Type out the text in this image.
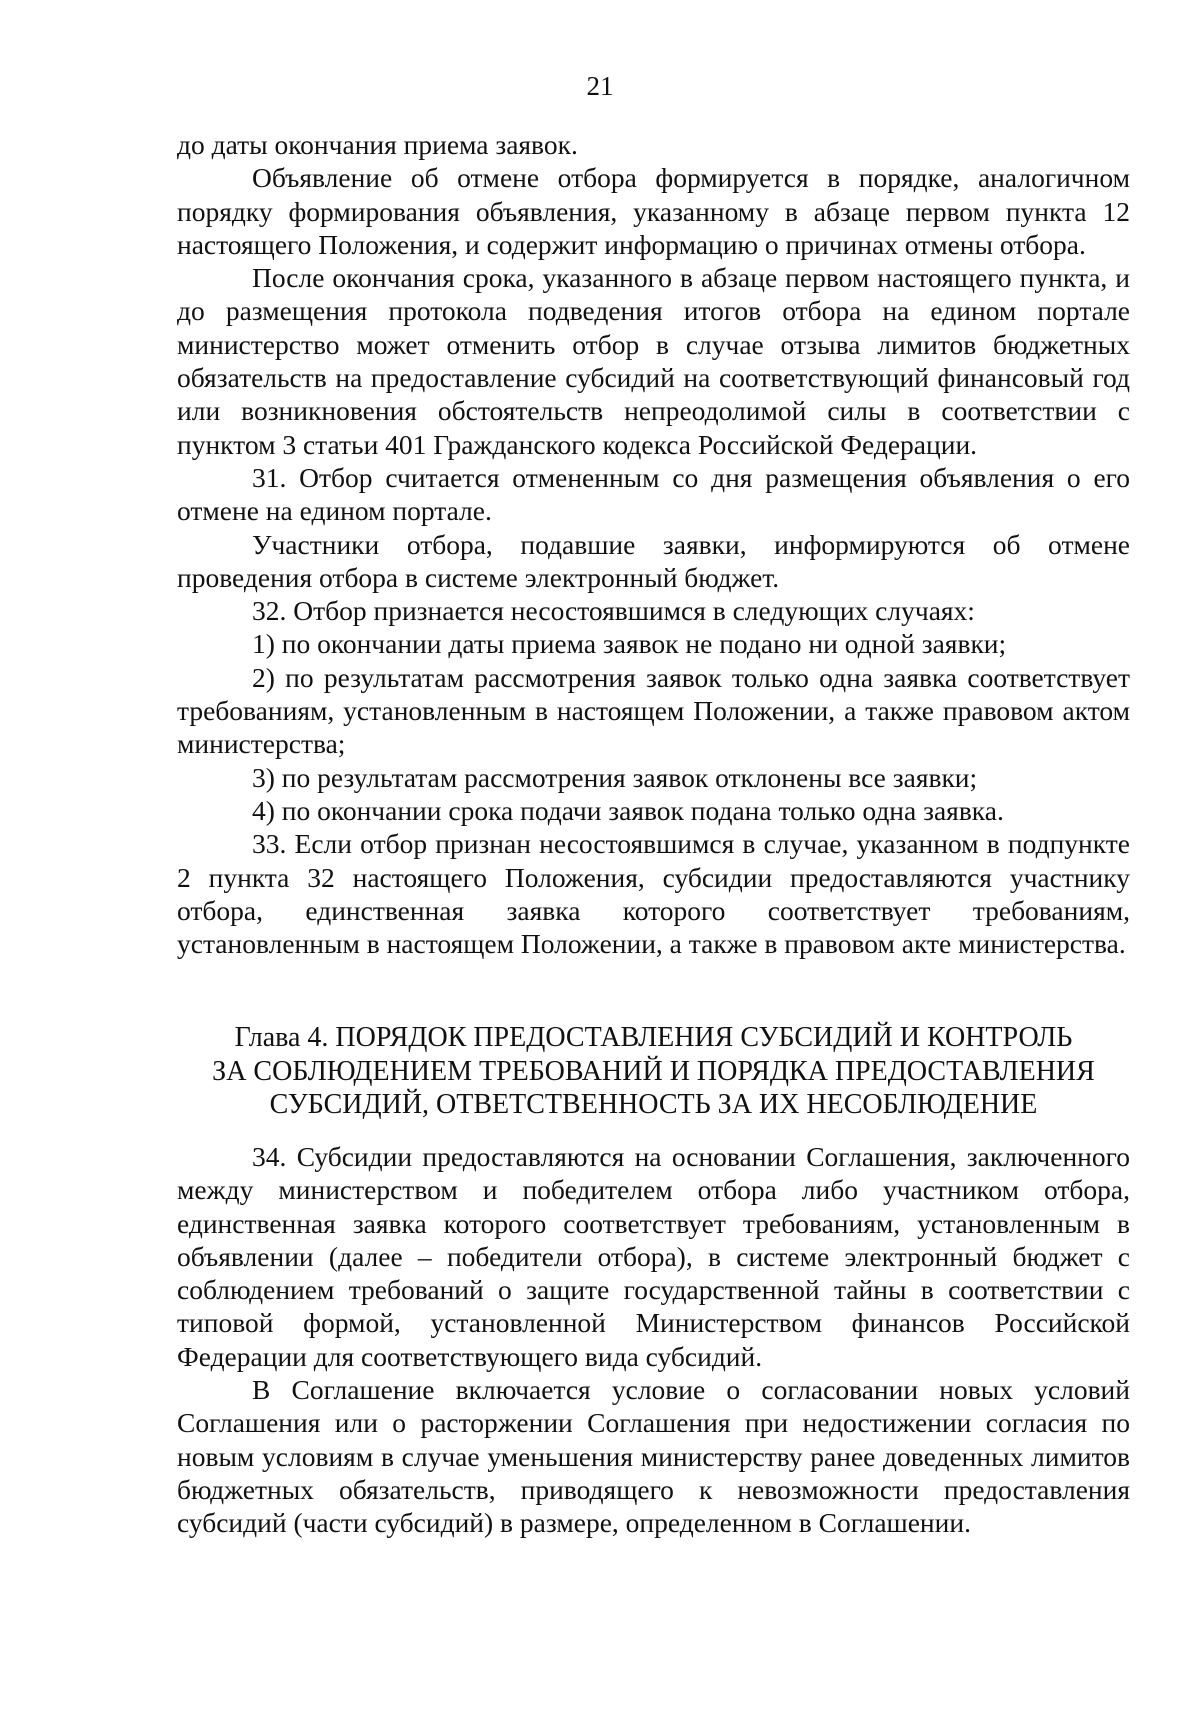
21

до даты окончания приема заявок.

Объявление об отмене отбора формируется в порядке, аналогичном порядку формирования объявления, указанному в абзаце первом пункта 12 настоящего Положения, и содержит информацию о причинах отмены отбора.

После окончания срока, указанного в абзаце первом настоящего пункта, и до размещения протокола подведения итогов отбора на едином портале министерство может отменить отбор в случае отзыва лимитов бюджетных обязательств на предоставление субсидий на соответствующий финансовый год или возникновения обстоятельств непреодолимой силы в соответствии с пунктом 3 статьи 401 Гражданского кодекса Российской Федерации.

31. Отбор считается отмененным со дня размещения объявления о его отмене на едином портале.

Участники отбора, подавшие заявки, информируются об отмене проведения отбора в системе электронный бюджет.

32. Отбор признается несостоявшимся в следующих случаях:

1) по окончании даты приема заявок не подано ни одной заявки;

2) по результатам рассмотрения заявок только одна заявка соответствует требованиям, установленным в настоящем Положении, а также правовом актом министерства;

3) по результатам рассмотрения заявок отклонены все заявки;

4) по окончании срока подачи заявок подана только одна заявка.

33. Если отбор признан несостоявшимся в случае, указанном в подпункте 2 пункта 32 настоящего Положения, субсидии предоставляются участнику отбора, единственная заявка которого соответствует требованиям, установленным в настоящем Положении, а также в правовом акте министерства.

Глава 4. ПОРЯДОК ПРЕДОСТАВЛЕНИЯ СУБСИДИЙ И КОНТРОЛЬ
ЗА СОБЛЮДЕНИЕМ ТРЕБОВАНИЙ И ПОРЯДКА ПРЕДОСТАВЛЕНИЯ
СУБСИДИЙ, ОТВЕТСТВЕННОСТЬ ЗА ИХ НЕСОБЛЮДЕНИЕ

34. Субсидии предоставляются на основании Соглашения, заключенного между министерством и победителем отбора либо участником отбора, единственная заявка которого соответствует требованиям, установленным в объявлении (далее – победители отбора), в системе электронный бюджет с соблюдением требований о защите государственной тайны в соответствии с типовой формой, установленной Министерством финансов Российской Федерации для соответствующего вида субсидий.

В Соглашение включается условие о согласовании новых условий Соглашения или о расторжении Соглашения при недостижении согласия по новым условиям в случае уменьшения министерству ранее доведенных лимитов бюджетных обязательств, приводящего к невозможности предоставления субсидий (части субсидий) в размере, определенном в Соглашении.
